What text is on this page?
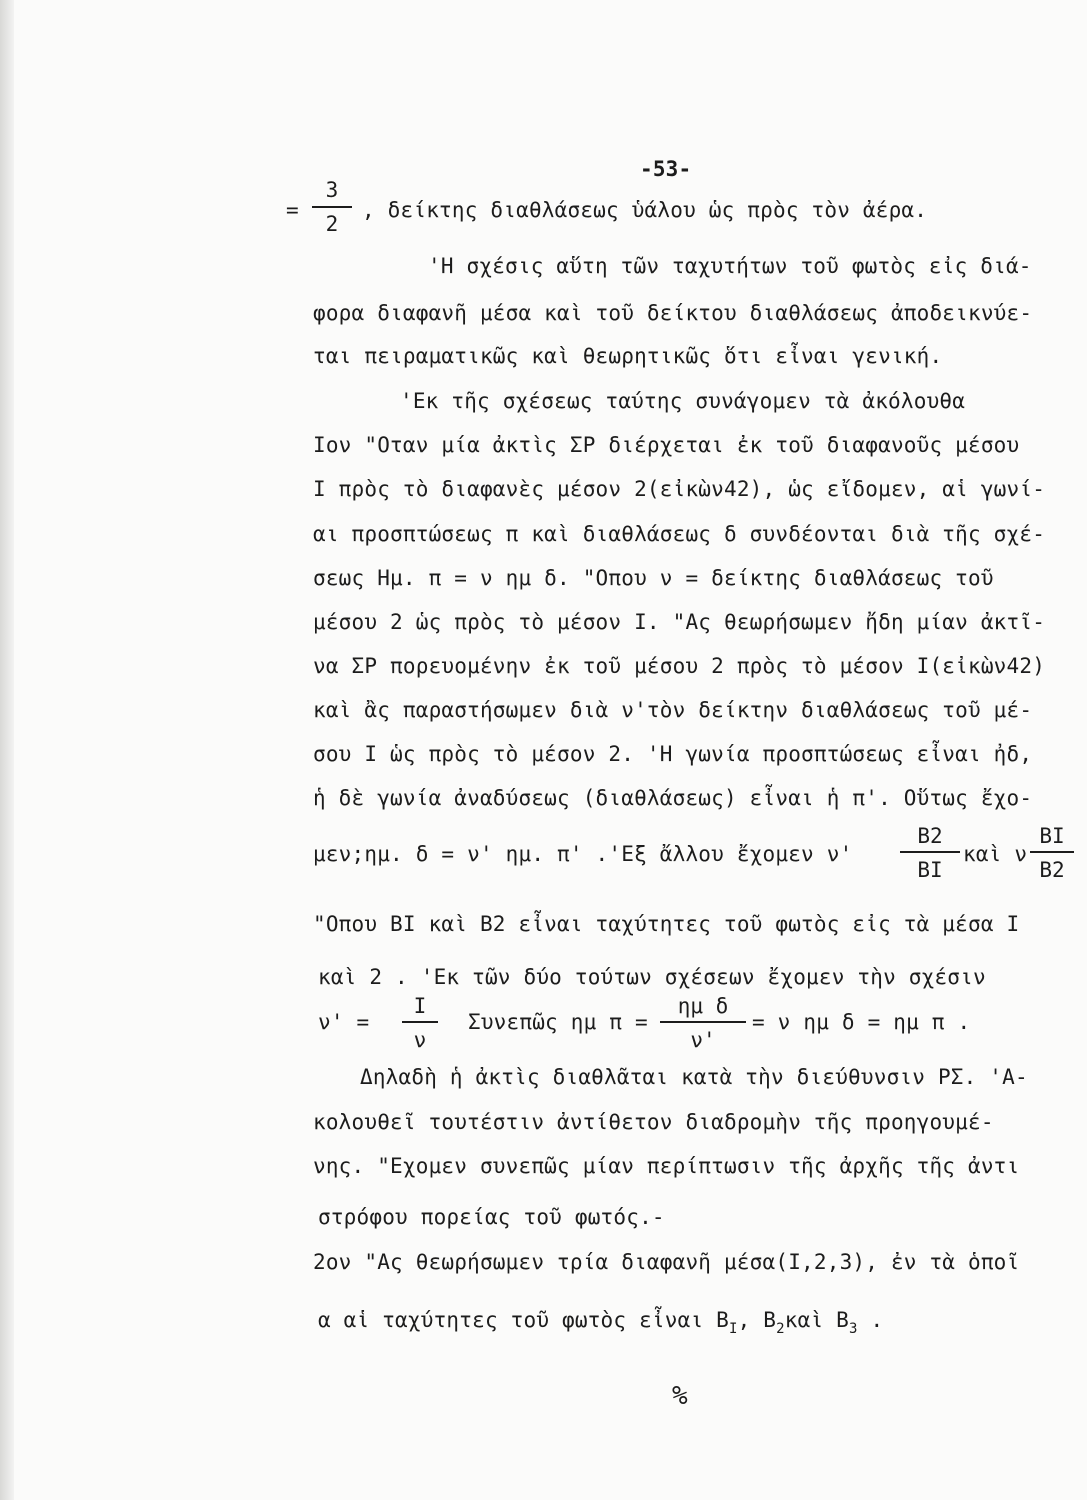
-53-
=
3
2
, δείκτης διαθλάσεως ὑάλου ὡς πρὸς τὸν ἀέρα.
'Η σχέσις αὕτη τῶν ταχυτήτων τοῦ φωτὸς εἰς διά-
φορα διαφανῆ μέσα καὶ τοῦ δείκτου διαθλάσεως ἀποδεικνύε-
ται πειραματικῶς καὶ θεωρητικῶς ὅτι εἶναι γενική.
'Εκ τῆς σχέσεως ταύτης συνάγομεν τὰ ἀκόλουθα
Ιον "Οταν μία ἀκτὶς ΣΡ διέρχεται ἐκ τοῦ διαφανοῦς μέσου
Ι πρὸς τὸ διαφανὲς μέσον 2(εἰκὼν42), ὡς εἴδομεν, αἱ γωνί-
αι προσπτώσεως π καὶ διαθλάσεως δ συνδέονται διὰ τῆς σχέ-
σεως Ημ. π = ν ημ δ. "Οπου ν = δείκτης διαθλάσεως τοῦ
μέσου 2 ὡς πρὸς τὸ μέσον Ι. "Ας θεωρήσωμεν ἤδη μίαν ἀκτῖ-
να ΣΡ πορευομένην ἐκ τοῦ μέσου 2 πρὸς τὸ μέσον Ι(εἰκὼν42)
καὶ ἂς παραστήσωμεν διὰ ν'τὸν δείκτην διαθλάσεως τοῦ μέ-
σου Ι ὡς πρὸς τὸ μέσον 2. 'Η γωνία προσπτώσεως εἶναι ἠδ,
ἡ δὲ γωνία ἀναδύσεως (διαθλάσεως) εἶναι ἡ π'. Οὕτως ἔχο-
μεν;ημ. δ = ν' ημ. π' .'Εξ ἄλλου ἔχομεν ν'
B2
BI
καὶ ν
BI
B2
"Οπου ΒΙ καὶ Β2 εἶναι ταχύτητες τοῦ φωτὸς εἰς τὰ μέσα Ι
καὶ 2 . 'Εκ τῶν δύο τούτων σχέσεων ἔχομεν τὴν σχέσιν
ν' =
I
ν
Συνεπῶς ημ π =
ημ δ
ν'
= ν ημ δ = ημ π .
Δηλαδὴ ἡ ἀκτὶς διαθλᾶται κατὰ τὴν διεύθυνσιν ΡΣ. 'Α-
κολουθεῖ τουτέστιν ἀντίθετον διαδρομὴν τῆς προηγουμέ-
νης. "Εχομεν συνεπῶς μίαν περίπτωσιν τῆς ἀρχῆς τῆς ἀντι
στρόφου πορείας τοῦ φωτός.-
2ον "Ας θεωρήσωμεν τρία διαφανῆ μέσα(Ι,2,3), ἐν τὰ ὁποῖ
α αἱ ταχύτητες τοῦ φωτὸς εἶναι $B_I$, $B_2\kappa\alpha ὶ$ $B_3$ .
%
